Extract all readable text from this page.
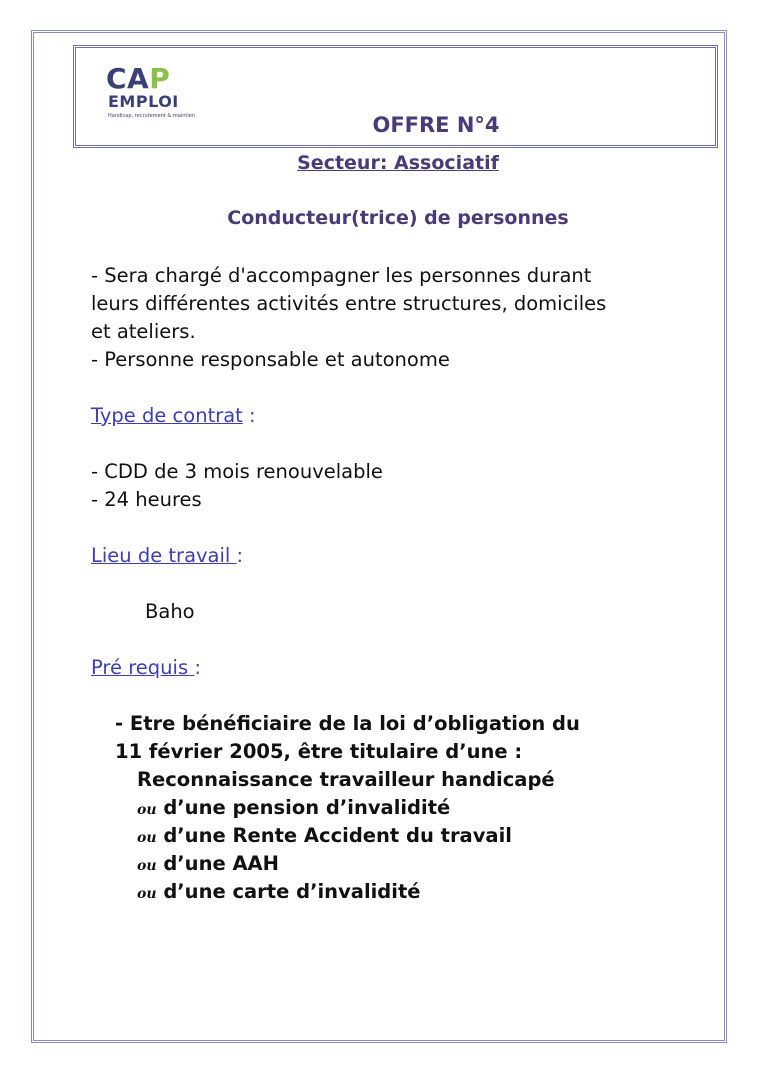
CAP
EMPLOI
Handicap, recrutement & maintien	OFFRE N°4
Secteur: Associatif
Conducteur(trice) de personnes
- Sera chargé d'accompagner les personnes durant
leurs différentes activités entre structures, domiciles
et ateliers.
- Personne responsable et autonome
Type de contrat :
- CDD de 3 mois renouvelable
- 24 heures
Lieu de travail :
Baho
Pré requis :
- Etre bénéficiaire de la loi d’obligation du
11 février 2005, être titulaire d’une :
Reconnaissance travailleur handicapé
ou d’une pension d’invalidité
ou d’une Rente Accident du travail
ou d’une AAH
ou d’une carte d’invalidité
